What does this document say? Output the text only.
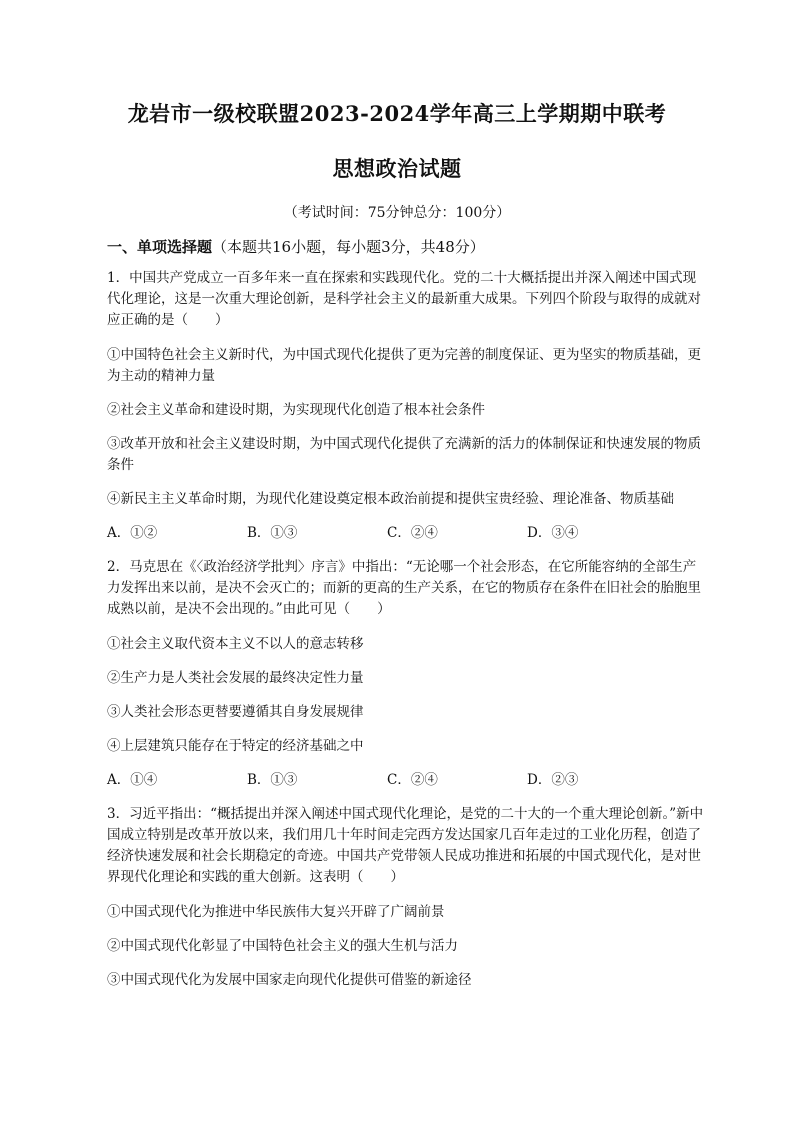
龙岩市一级校联盟2023-2024学年高三上学期期中联考
思想政治试题
（考试时间：75分钟总分：100分）
一、单项选择题（本题共16小题，每小题3分，共48分）

1．中国共产党成立一百多年来一直在探索和实践现代化。党的二十大概括提出并深入阐述中国式现代化理论，这是一次重大理论创新，是科学社会主义的最新重大成果。下列四个阶段与取得的成就对应正确的是（　　）

①中国特色社会主义新时代，为中国式现代化提供了更为完善的制度保证、更为坚实的物质基础，更为主动的精神力量

②社会主义革命和建设时期，为实现现代化创造了根本社会条件

③改革开放和社会主义建设时期，为中国式现代化提供了充满新的活力的体制保证和快速发展的物质条件

④新民主主义革命时期，为现代化建设奠定根本政治前提和提供宝贵经验、理论准备、物质基础

A．①②	B．①③	C．②④	D．③④

2．马克思在《〈政治经济学批判〉序言》中指出：“无论哪一个社会形态，在它所能容纳的全部生产力发挥出来以前，是决不会灭亡的；而新的更高的生产关系，在它的物质存在条件在旧社会的胎胞里成熟以前，是决不会出现的。”由此可见（　　）

①社会主义取代资本主义不以人的意志转移

②生产力是人类社会发展的最终决定性力量

③人类社会形态更替要遵循其自身发展规律

④上层建筑只能存在于特定的经济基础之中

A．①④	B．①③	C．②④	D．②③

3．习近平指出：“概括提出并深入阐述中国式现代化理论，是党的二十大的一个重大理论创新。”新中国成立特别是改革开放以来，我们用几十年时间走完西方发达国家几百年走过的工业化历程，创造了经济快速发展和社会长期稳定的奇迹。中国共产党带领人民成功推进和拓展的中国式现代化，是对世界现代化理论和实践的重大创新。这表明（　　）

①中国式现代化为推进中华民族伟大复兴开辟了广阔前景

②中国式现代化彰显了中国特色社会主义的强大生机与活力

③中国式现代化为发展中国家走向现代化提供可借鉴的新途径
